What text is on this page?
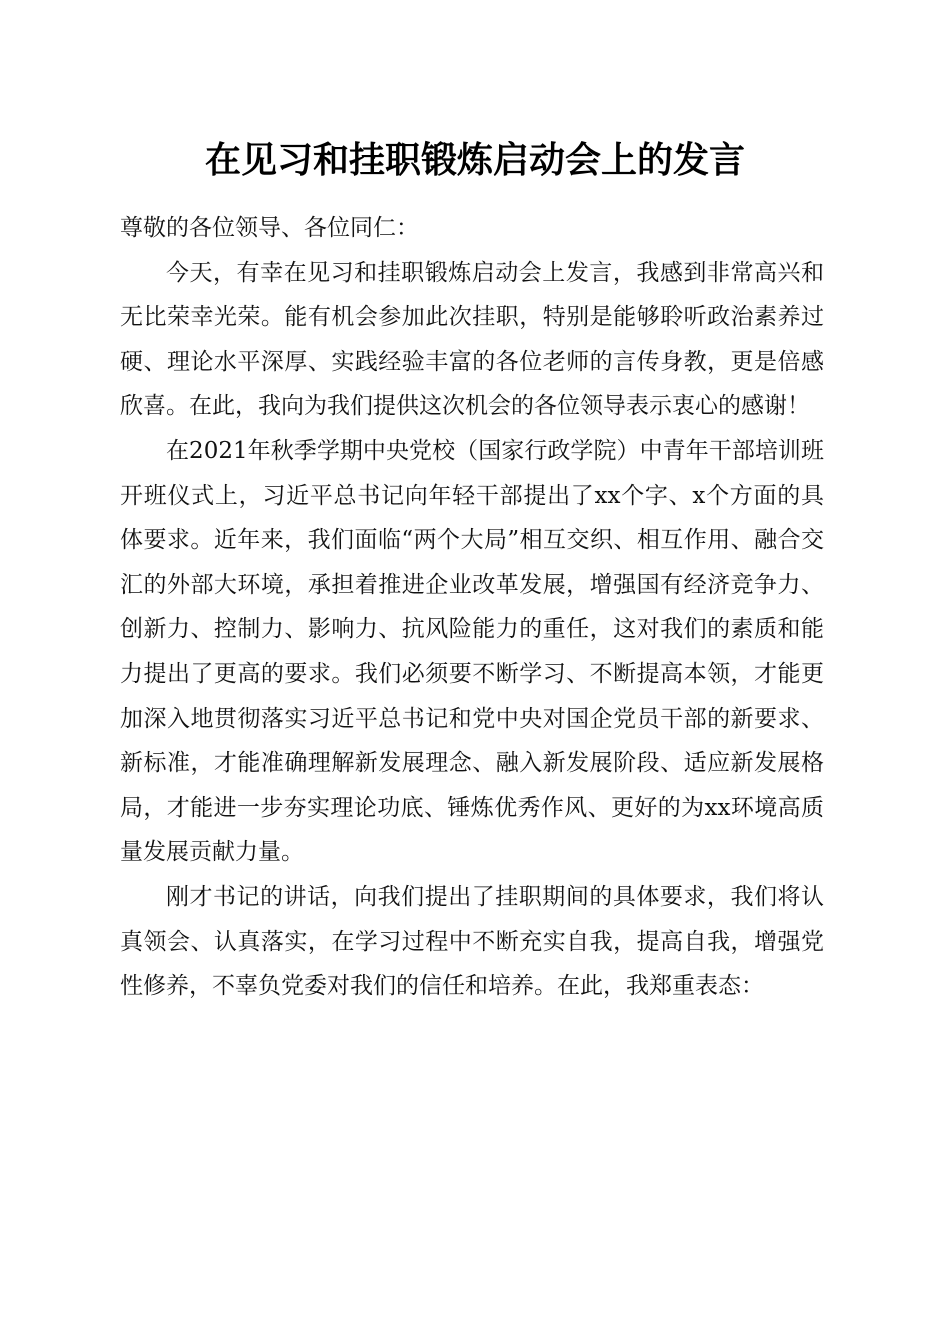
在见习和挂职锻炼启动会上的发言

尊敬的各位领导、各位同仁：

今天，有幸在见习和挂职锻炼启动会上发言，我感到非常高兴和无比荣幸光荣。能有机会参加此次挂职，特别是能够聆听政治素养过硬、理论水平深厚、实践经验丰富的各位老师的言传身教，更是倍感欣喜。在此，我向为我们提供这次机会的各位领导表示衷心的感谢！

在2021年秋季学期中央党校（国家行政学院）中青年干部培训班开班仪式上，习近平总书记向年轻干部提出了xx个字、x个方面的具体要求。近年来，我们面临“两个大局”相互交织、相互作用、融合交汇的外部大环境，承担着推进企业改革发展，增强国有经济竞争力、创新力、控制力、影响力、抗风险能力的重任，这对我们的素质和能力提出了更高的要求。我们必须要不断学习、不断提高本领，才能更加深入地贯彻落实习近平总书记和党中央对国企党员干部的新要求、新标准，才能准确理解新发展理念、融入新发展阶段、适应新发展格局，才能进一步夯实理论功底、锤炼优秀作风、更好的为xx环境高质量发展贡献力量。

刚才书记的讲话，向我们提出了挂职期间的具体要求，我们将认真领会、认真落实，在学习过程中不断充实自我，提高自我，增强党性修养，不辜负党委对我们的信任和培养。在此，我郑重表态：
